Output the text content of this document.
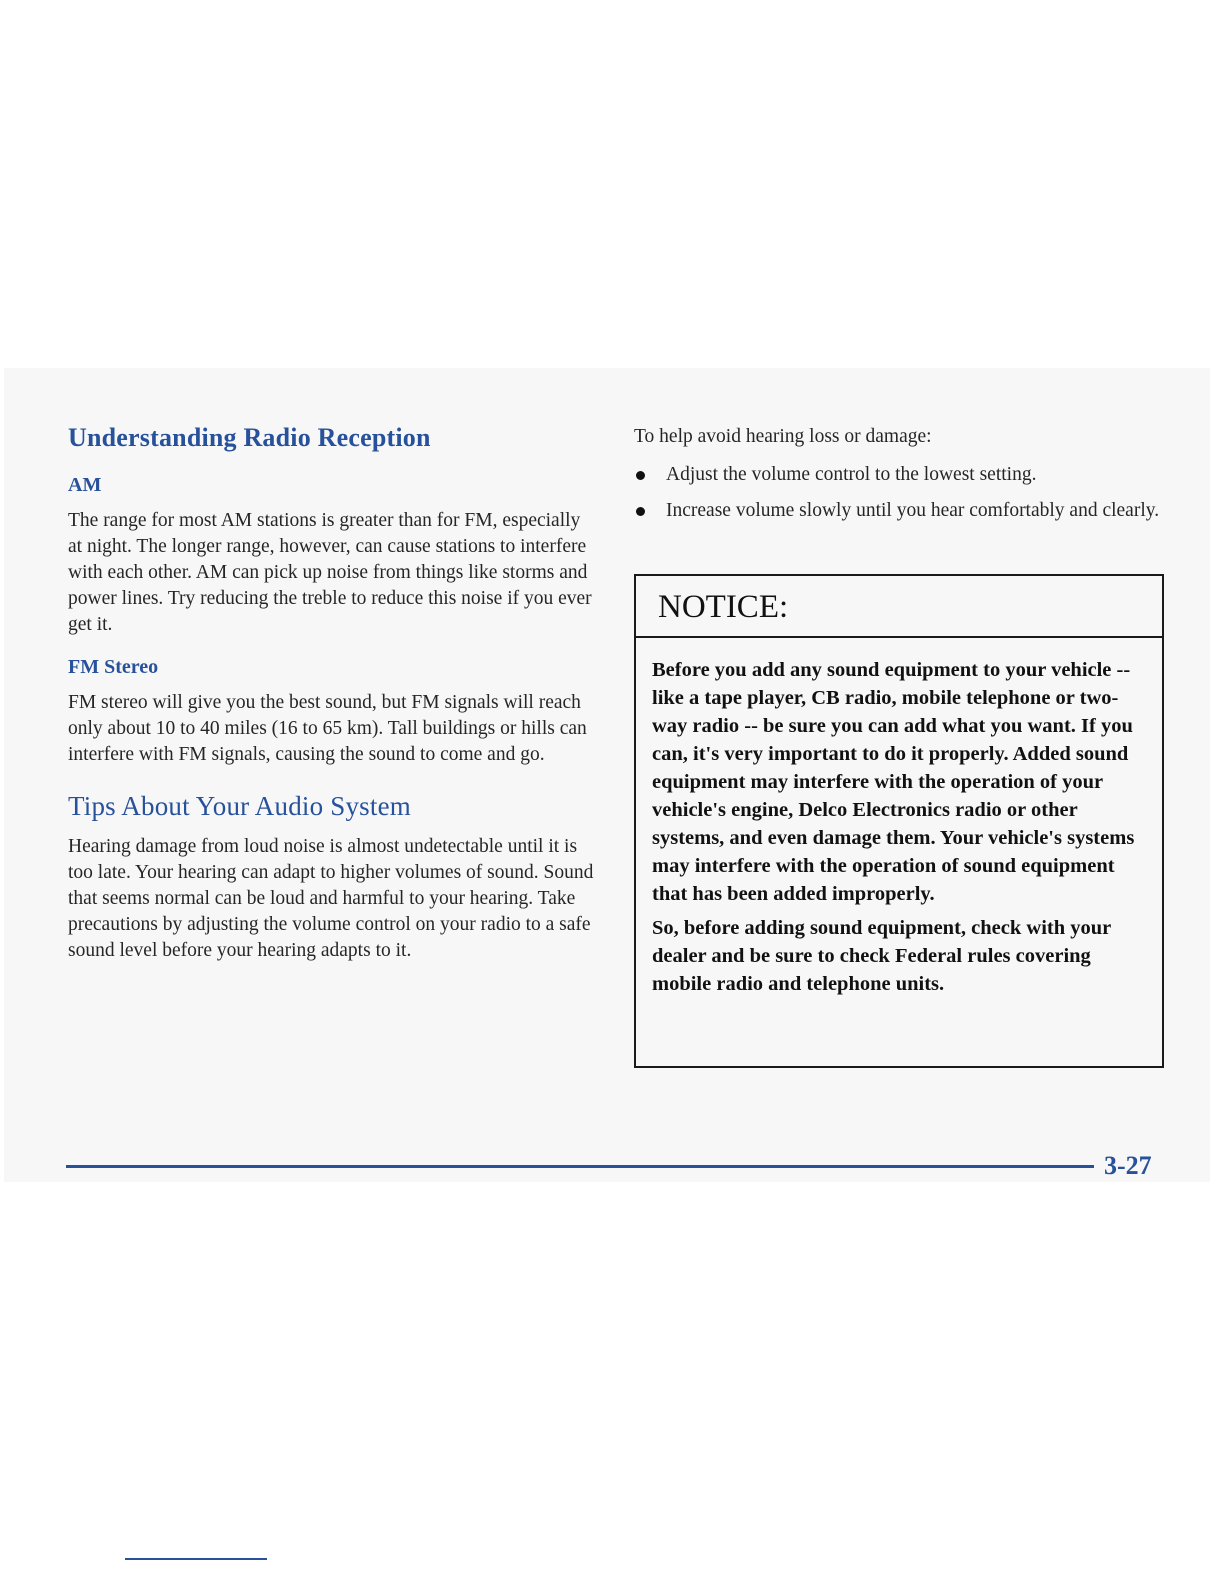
Understanding Radio Reception
AM

The range for most AM stations is greater than for FM, especially at night. The longer range, however, can cause stations to interfere with each other. AM can pick up noise from things like storms and power lines. Try reducing the treble to reduce this noise if you ever get it.

FM Stereo

FM stereo will give you the best sound, but FM signals will reach only about 10 to 40 miles (16 to 65 km). Tall buildings or hills can interfere with FM signals, causing the sound to come and go.

Tips About Your Audio System

Hearing damage from loud noise is almost undetectable until it is too late. Your hearing can adapt to higher volumes of sound. Sound that seems normal can be loud and harmful to your hearing. Take precautions by adjusting the volume control on your radio to a safe sound level before your hearing adapts to it.

To help avoid hearing loss or damage:

Adjust the volume control to the lowest setting.
Increase volume slowly until you hear comfortably and clearly.
NOTICE:

Before you add any sound equipment to your vehicle -- like a tape player, CB radio, mobile telephone or two-way radio -- be sure you can add what you want. If you can, it's very important to do it properly. Added sound equipment may interfere with the operation of your vehicle's engine, Delco Electronics radio or other systems, and even damage them. Your vehicle's systems may interfere with the operation of sound equipment that has been added improperly.

So, before adding sound equipment, check with your dealer and be sure to check Federal rules covering mobile radio and telephone units.

3-27
